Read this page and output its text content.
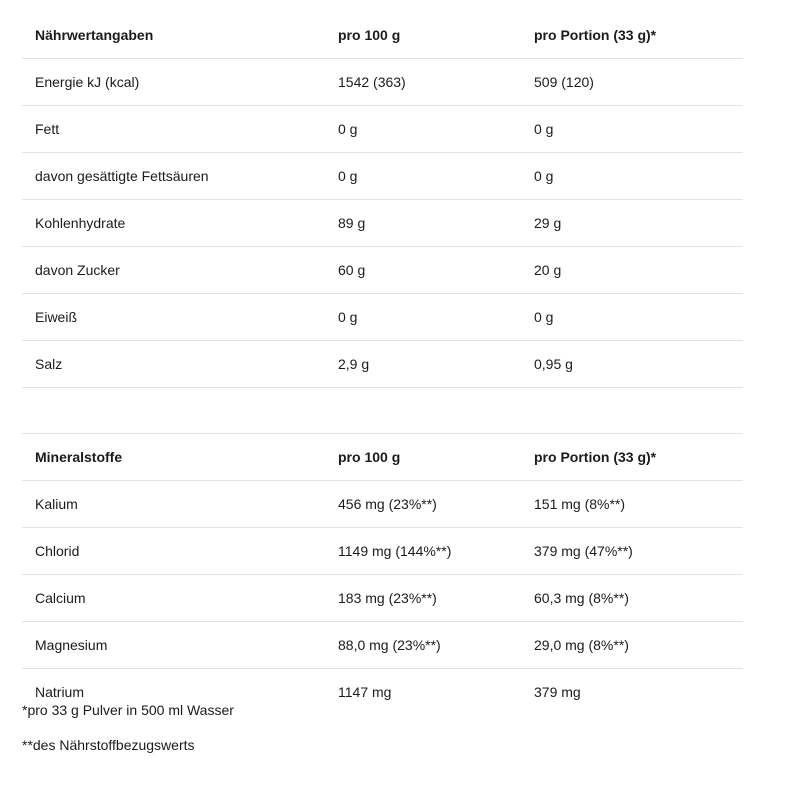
Nährwertangaben	pro 100 g	pro Portion (33 g)*
Energie kJ (kcal)	1542 (363)	509 (120)
Fett	0 g	0 g
davon gesättigte Fettsäuren	0 g	0 g
Kohlenhydrate	89 g	29 g
davon Zucker	60 g	20 g
Eiweiß	0 g	0 g
Salz	2,9 g	0,95 g
Mineralstoffe	pro 100 g	pro Portion (33 g)*
Kalium	456 mg (23%**)	151 mg (8%**)
Chlorid	1149 mg (144%**)	379 mg (47%**)
Calcium	183 mg (23%**)	60,3 mg (8%**)
Magnesium	88,0 mg (23%**)	29,0 mg (8%**)
Natrium	1147 mg	379 mg

*pro 33 g Pulver in 500 ml Wasser

**des Nährstoffbezugswerts
